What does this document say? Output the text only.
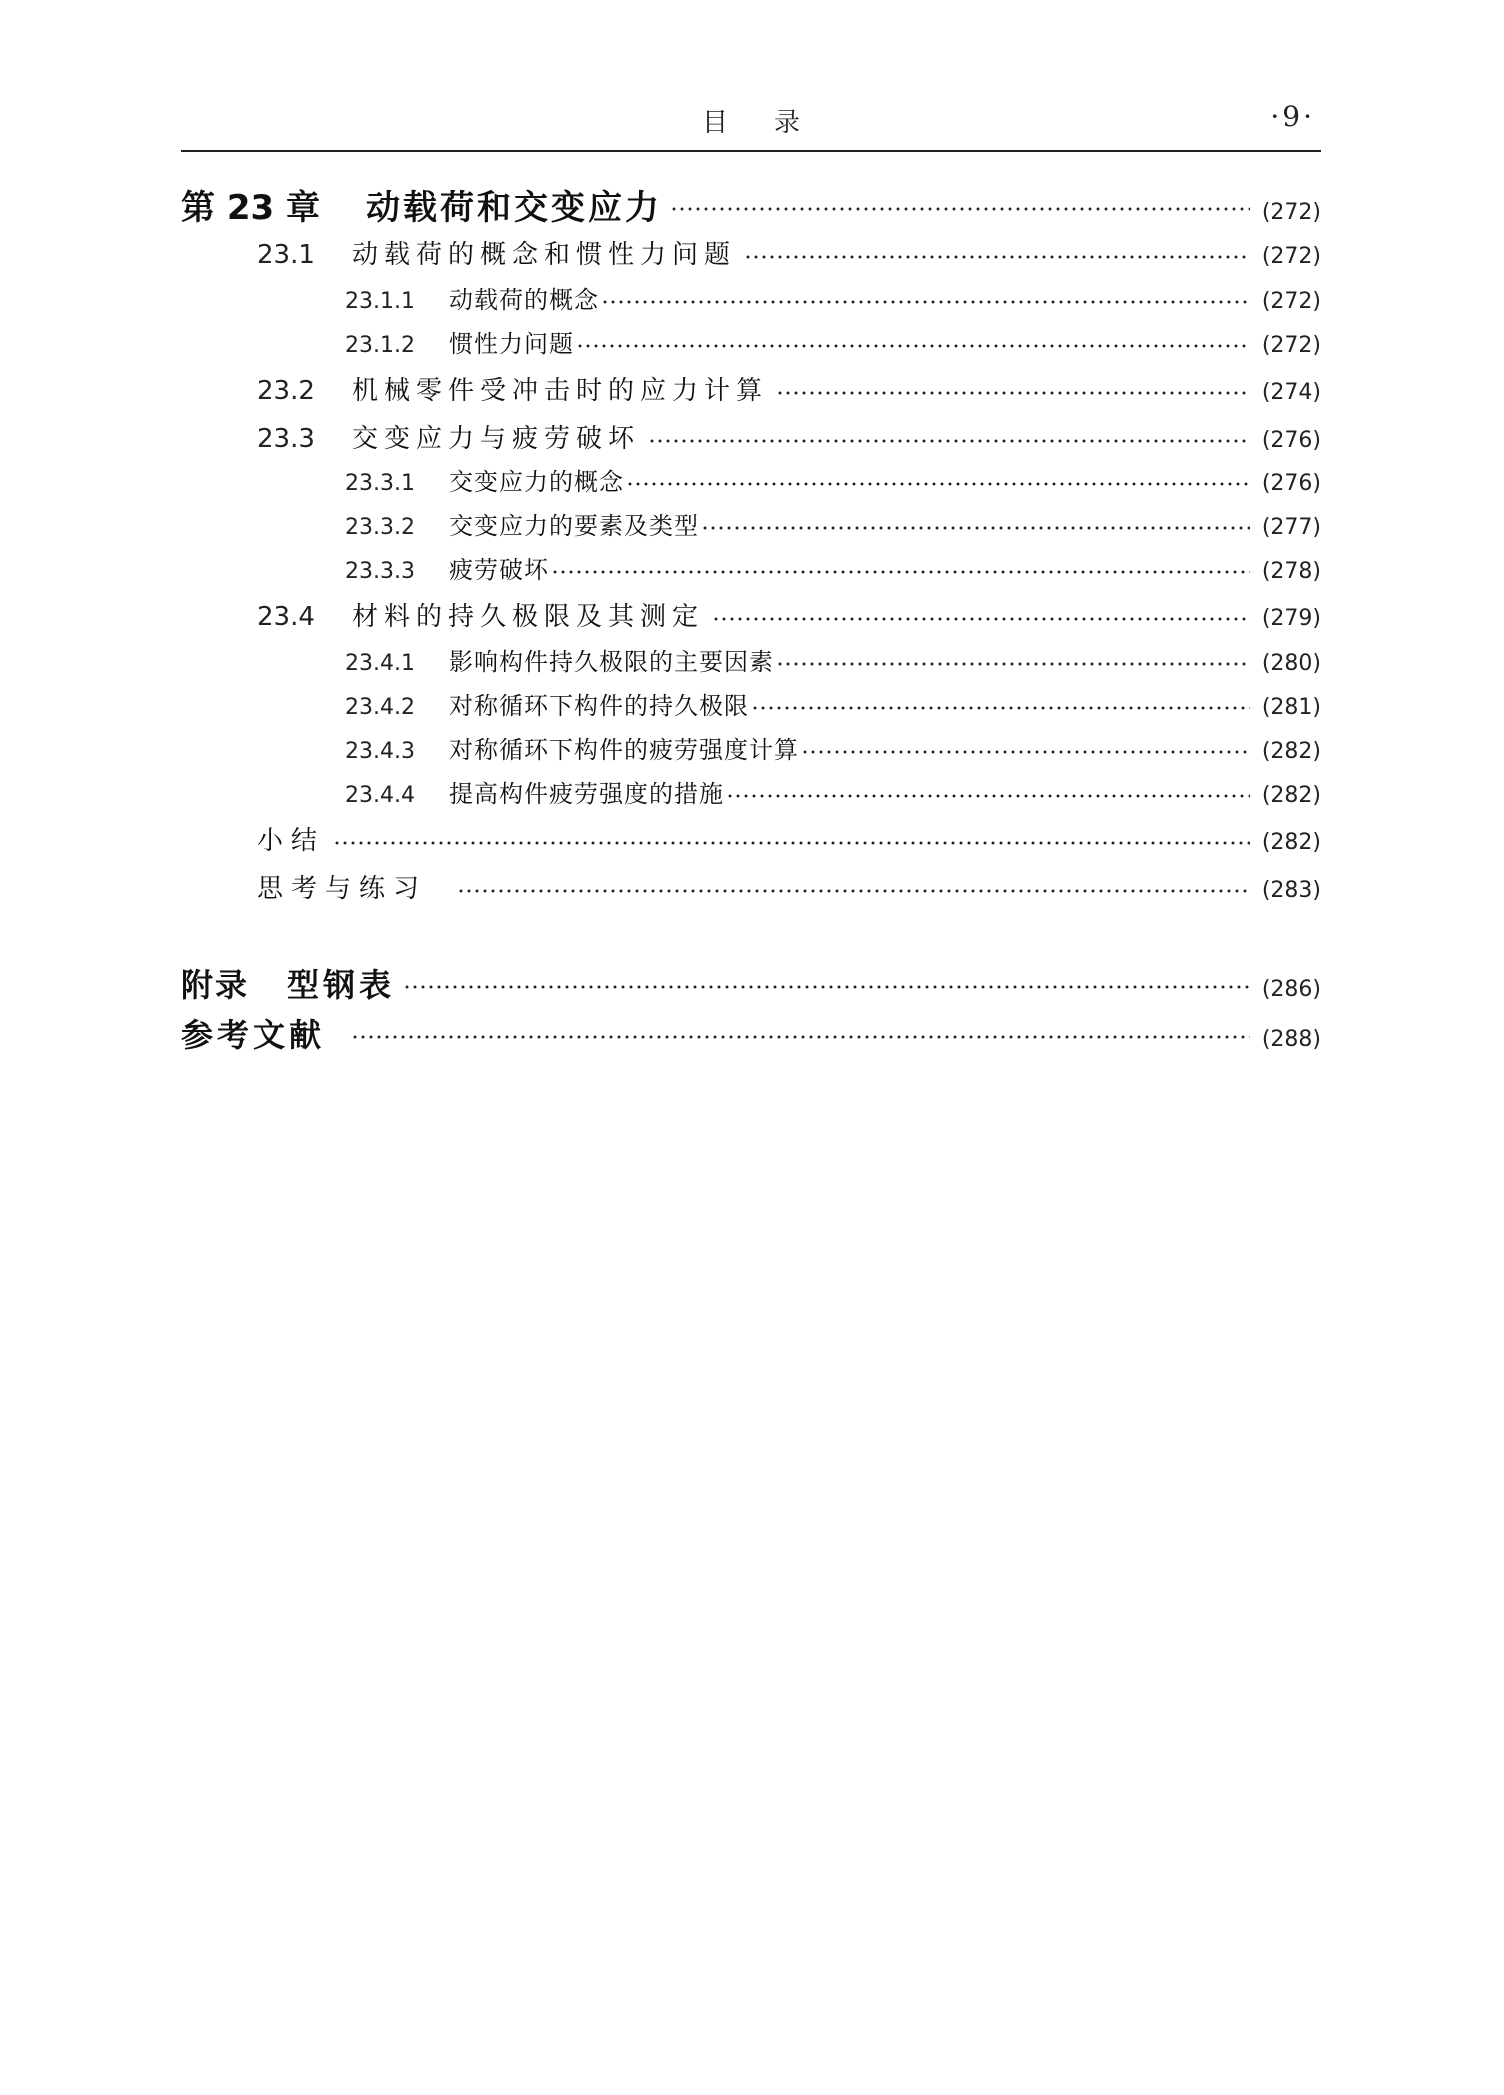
目录	·9·
第 23 章 动载荷和交变应力	(272)
23.1	动载荷的概念和惯性力问题	(272)
23.1.1	动载荷的概念	(272)
23.1.2	惯性力问题	(272)
23.2	机械零件受冲击时的应力计算	(274)
23.3	交变应力与疲劳破坏	(276)
23.3.1	交变应力的概念	(276)
23.3.2	交变应力的要素及类型	(277)
23.3.3	疲劳破坏	(278)
23.4	材料的持久极限及其测定	(279)
23.4.1	影响构件持久极限的主要因素	(280)
23.4.2	对称循环下构件的持久极限	(281)
23.4.3	对称循环下构件的疲劳强度计算	(282)
23.4.4	提高构件疲劳强度的措施	(282)
小结	(282)
思考与练习	(283)
附录 型钢表	(286)
参考文献	(288)
